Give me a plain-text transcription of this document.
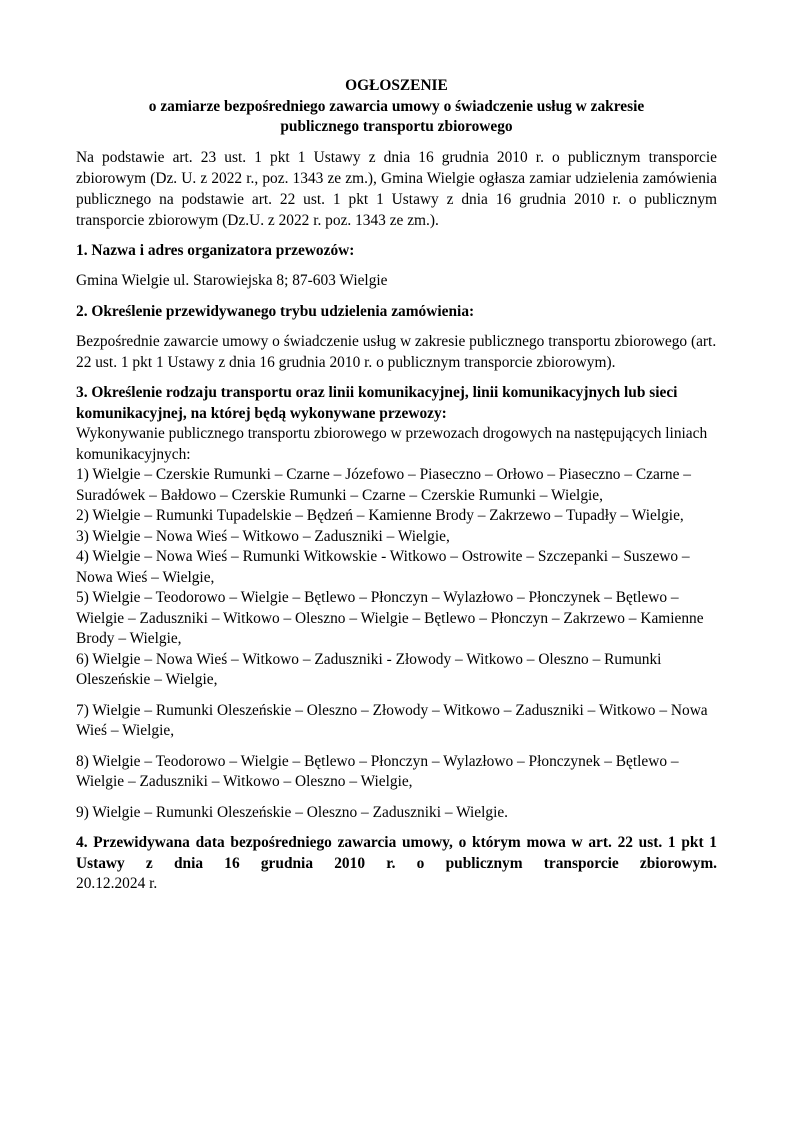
OGŁOSZENIE

o zamiarze bezpośredniego zawarcia umowy o świadczenie usług w zakresie

publicznego transportu zbiorowego

Na podstawie art. 23 ust. 1 pkt 1 Ustawy z dnia 16 grudnia 2010 r. o publicznym transporcie zbiorowym (Dz. U. z 2022 r., poz. 1343 ze zm.), Gmina Wielgie ogłasza zamiar udzielenia zamówienia publicznego na podstawie art. 22 ust. 1 pkt 1 Ustawy z dnia 16 grudnia 2010 r. o publicznym transporcie zbiorowym (Dz.U. z 2022 r. poz. 1343 ze zm.).

1. Nazwa i adres organizatora przewozów:

Gmina Wielgie ul. Starowiejska 8; 87-603 Wielgie

2. Określenie przewidywanego trybu udzielenia zamówienia:

Bezpośrednie zawarcie umowy o świadczenie usług w zakresie publicznego transportu zbiorowego (art. 22 ust. 1 pkt 1 Ustawy z dnia 16 grudnia 2010 r. o publicznym transporcie zbiorowym).

3. Określenie rodzaju transportu oraz linii komunikacyjnej, linii komunikacyjnych lub sieci komunikacyjnej, na której będą wykonywane przewozy:

Wykonywanie publicznego transportu zbiorowego w przewozach drogowych na następujących liniach komunikacyjnych:

1) Wielgie – Czerskie Rumunki – Czarne – Józefowo – Piaseczno – Orłowo – Piaseczno – Czarne – Suradówek – Bałdowo – Czerskie Rumunki – Czarne – Czerskie Rumunki – Wielgie,

2) Wielgie – Rumunki Tupadelskie – Będzeń – Kamienne Brody – Zakrzewo – Tupadły – Wielgie,

3) Wielgie – Nowa Wieś – Witkowo – Zaduszniki – Wielgie,

4) Wielgie – Nowa Wieś – Rumunki Witkowskie - Witkowo – Ostrowite – Szczepanki – Suszewo – Nowa Wieś – Wielgie,

5) Wielgie – Teodorowo – Wielgie – Bętlewo – Płonczyn – Wylazłowo – Płonczynek – Bętlewo – Wielgie – Zaduszniki – Witkowo – Oleszno – Wielgie – Bętlewo – Płonczyn – Zakrzewo – Kamienne Brody – Wielgie,

6) Wielgie – Nowa Wieś – Witkowo – Zaduszniki - Złowody – Witkowo – Oleszno – Rumunki Oleszeńskie – Wielgie,

7) Wielgie – Rumunki Oleszeńskie – Oleszno – Złowody – Witkowo – Zaduszniki – Witkowo – Nowa Wieś – Wielgie,

8) Wielgie – Teodorowo – Wielgie – Bętlewo – Płonczyn – Wylazłowo – Płonczynek – Bętlewo – Wielgie – Zaduszniki – Witkowo – Oleszno – Wielgie,

9) Wielgie – Rumunki Oleszeńskie – Oleszno – Zaduszniki – Wielgie.

4. Przewidywana data bezpośredniego zawarcia umowy, o którym mowa w art. 22 ust. 1 pkt 1 Ustawy z dnia 16 grudnia 2010 r. o publicznym transporcie zbiorowym.

20.12.2024 r.
